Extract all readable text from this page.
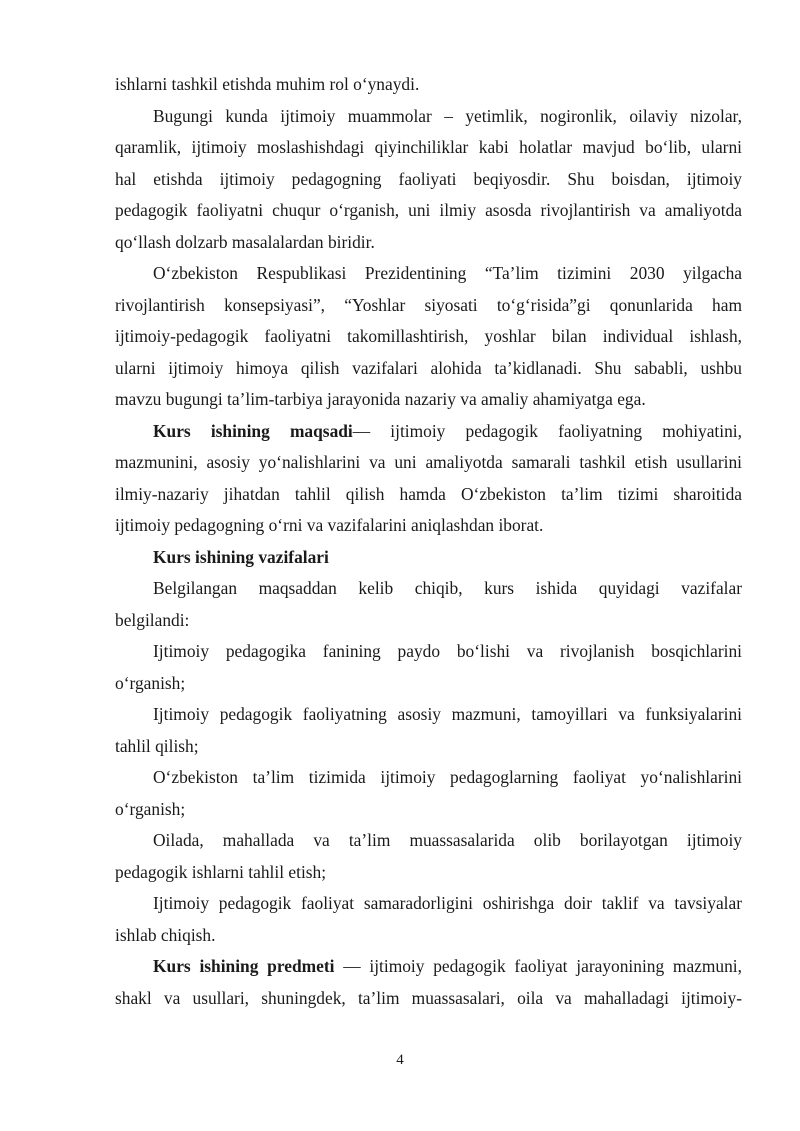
ishlarni tashkil etishda muhim rol o‘ynaydi.
Bugungi kunda ijtimoiy muammolar – yetimlik, nogironlik, oilaviy nizolar,
qaramlik, ijtimoiy moslashishdagi qiyinchiliklar kabi holatlar mavjud bo‘lib, ularni
hal etishda ijtimoiy pedagogning faoliyati beqiyosdir. Shu boisdan, ijtimoiy
pedagogik faoliyatni chuqur o‘rganish, uni ilmiy asosda rivojlantirish va amaliyotda
qo‘llash dolzarb masalalardan biridir.
O‘zbekiston Respublikasi Prezidentining “Ta’lim tizimini 2030 yilgacha
rivojlantirish konsepsiyasi”, “Yoshlar siyosati to‘g‘risida”gi qonunlarida ham
ijtimoiy-pedagogik faoliyatni takomillashtirish, yoshlar bilan individual ishlash,
ularni ijtimoiy himoya qilish vazifalari alohida ta’kidlanadi. Shu sababli, ushbu
mavzu bugungi ta’lim-tarbiya jarayonida nazariy va amaliy ahamiyatga ega.
Kurs ishining maqsadi— ijtimoiy pedagogik faoliyatning mohiyatini,
mazmunini, asosiy yo‘nalishlarini va uni amaliyotda samarali tashkil etish usullarini
ilmiy-nazariy jihatdan tahlil qilish hamda O‘zbekiston ta’lim tizimi sharoitida
ijtimoiy pedagogning o‘rni va vazifalarini aniqlashdan iborat.
Kurs ishining vazifalari
Belgilangan maqsaddan kelib chiqib, kurs ishida quyidagi vazifalar
belgilandi:
Ijtimoiy pedagogika fanining paydo bo‘lishi va rivojlanish bosqichlarini
o‘rganish;
Ijtimoiy pedagogik faoliyatning asosiy mazmuni, tamoyillari va funksiyalarini
tahlil qilish;
O‘zbekiston ta’lim tizimida ijtimoiy pedagoglarning faoliyat yo‘nalishlarini
o‘rganish;
Oilada, mahallada va ta’lim muassasalarida olib borilayotgan ijtimoiy
pedagogik ishlarni tahlil etish;
Ijtimoiy pedagogik faoliyat samaradorligini oshirishga doir taklif va tavsiyalar
ishlab chiqish.
Kurs ishining predmeti — ijtimoiy pedagogik faoliyat jarayonining mazmuni,
shakl va usullari, shuningdek, ta’lim muassasalari, oila va mahalladagi ijtimoiy-
4
